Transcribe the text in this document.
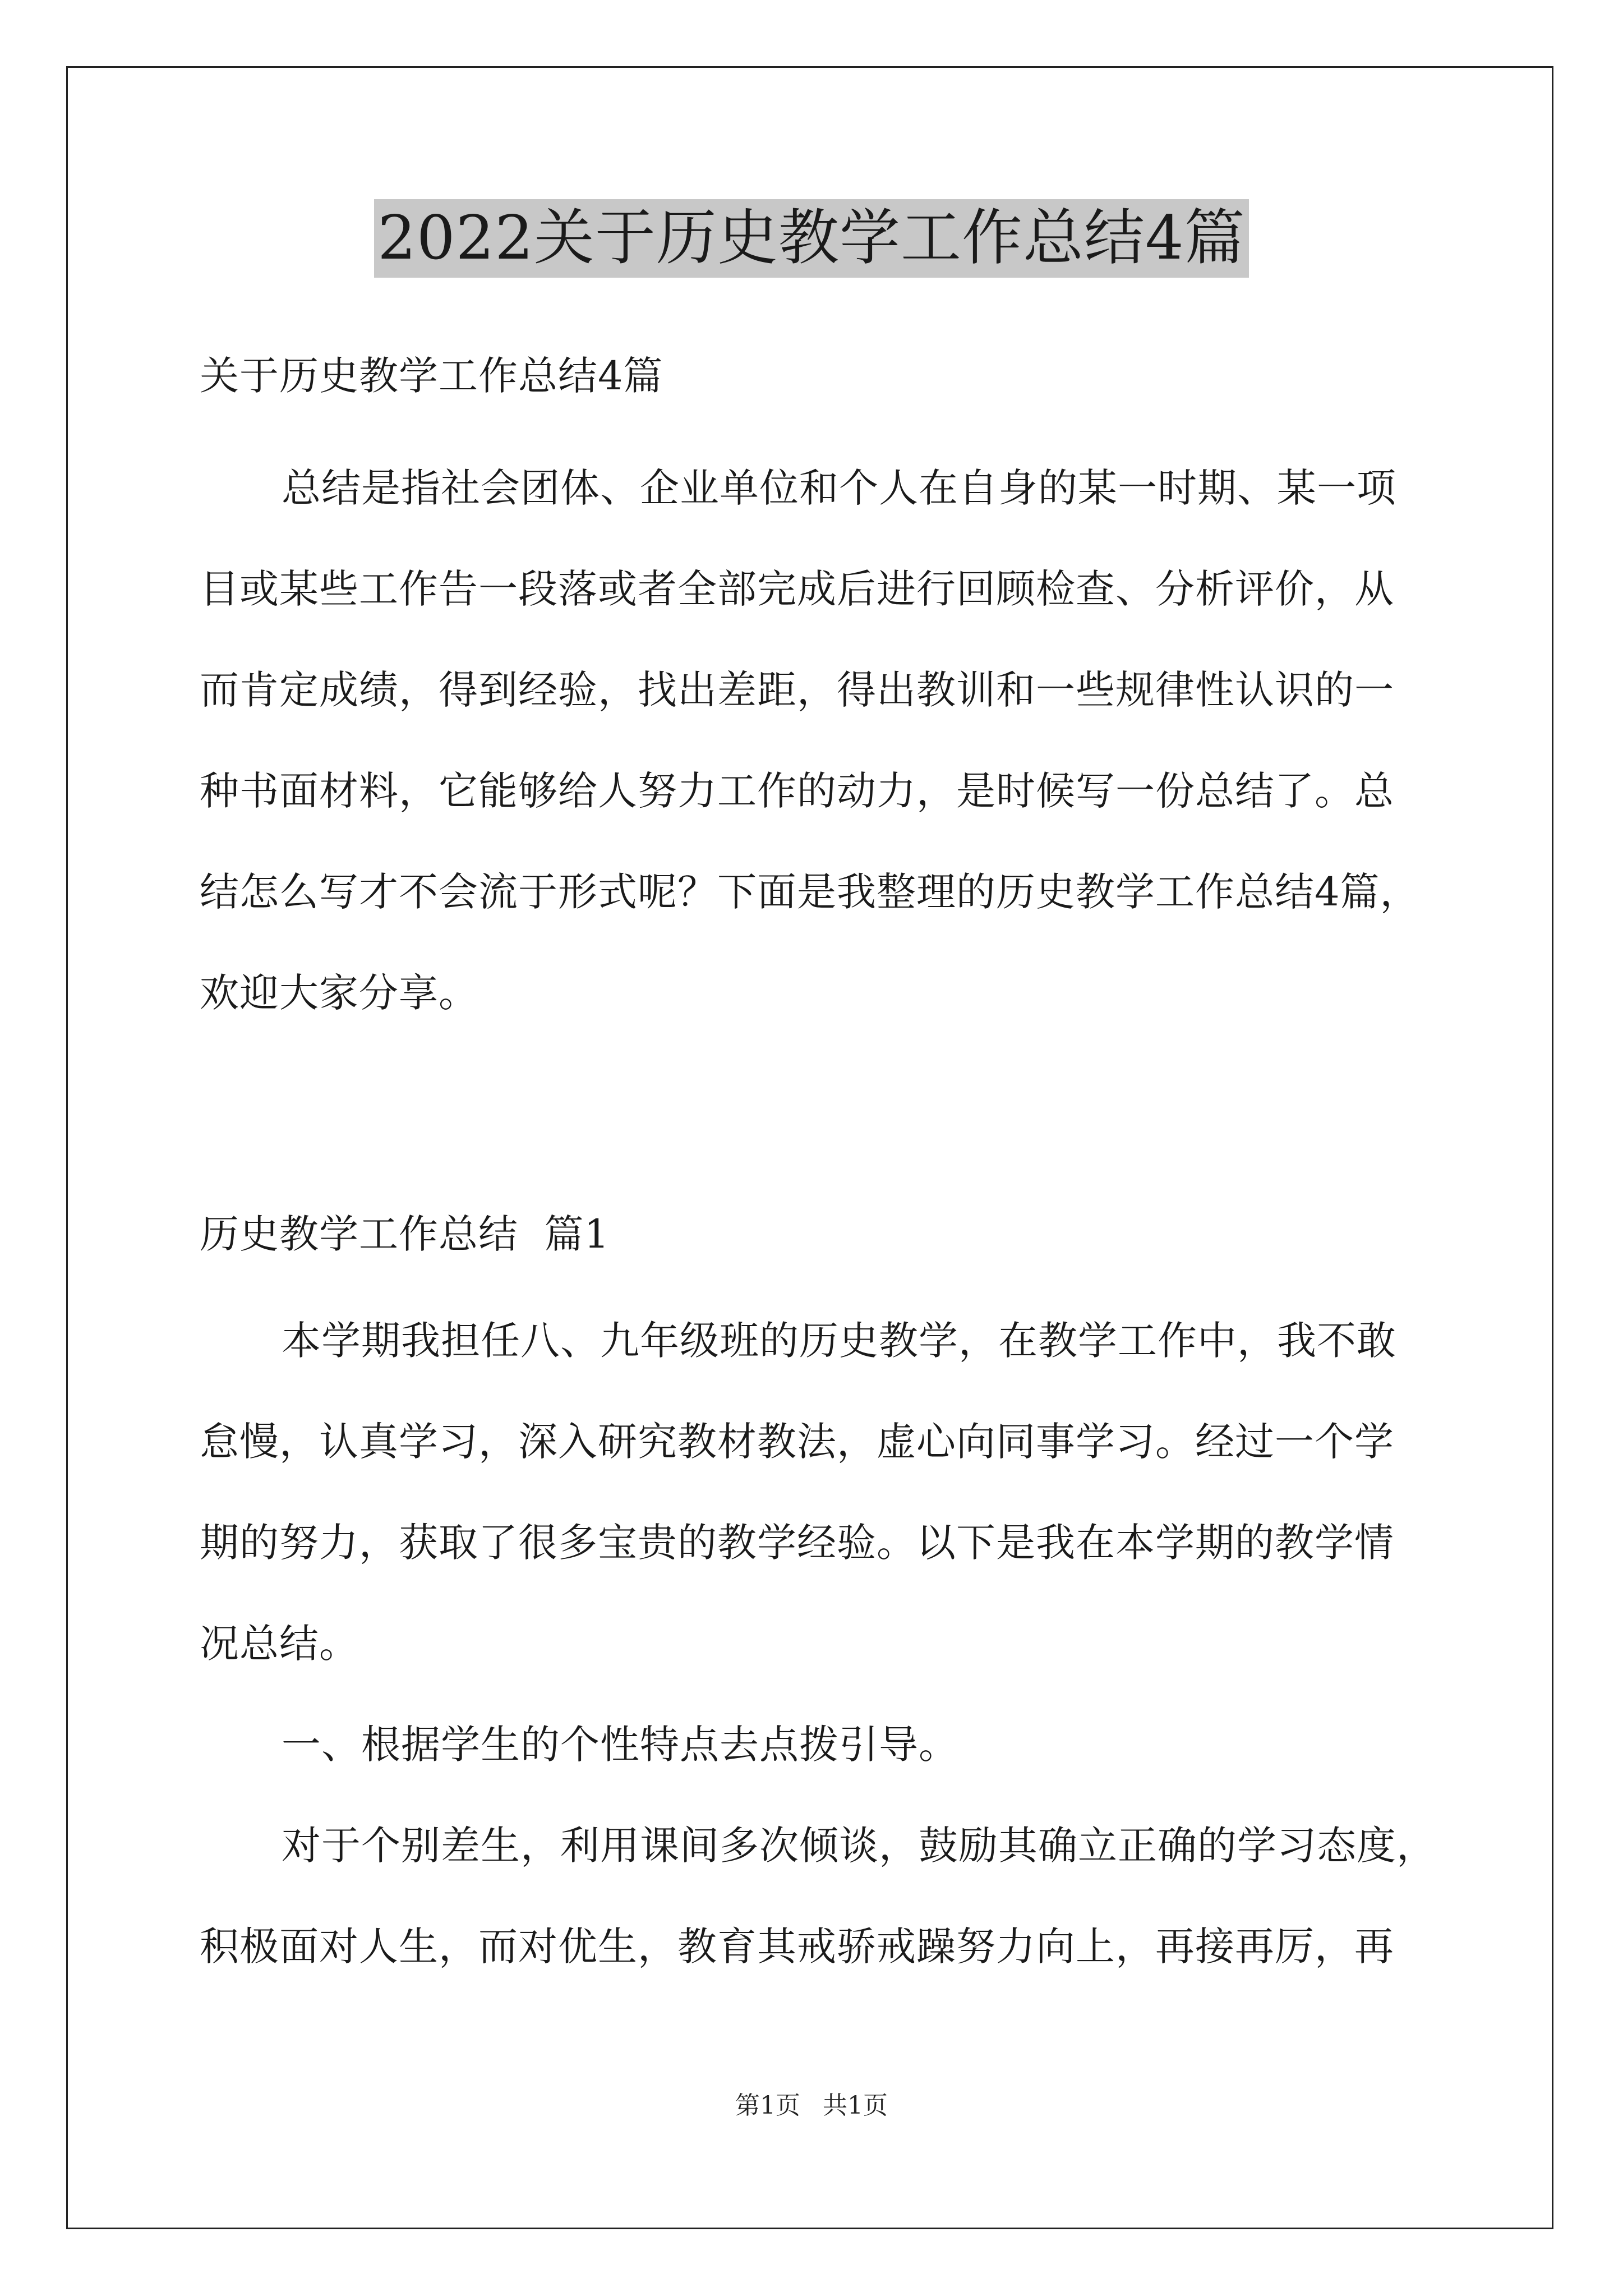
2022关于历史教学工作总结4篇

关于历史教学工作总结4篇

总结是指社会团体、企业单位和个人在自身的某一时期、某一项
目或某些工作告一段落或者全部完成后进行回顾检查、分析评价，从
而肯定成绩，得到经验，找出差距，得出教训和一些规律性认识的一
种书面材料，它能够给人努力工作的动力，是时候写一份总结了。总
结怎么写才不会流于形式呢？下面是我整理的历史教学工作总结4篇，
欢迎大家分享。

历史教学工作总结  篇1

本学期我担任八、九年级班的历史教学，在教学工作中，我不敢
怠慢，认真学习，深入研究教材教法，虚心向同事学习。经过一个学
期的努力，获取了很多宝贵的教学经验。以下是我在本学期的教学情
况总结。

一、根据学生的个性特点去点拨引导。

对于个别差生，利用课间多次倾谈，鼓励其确立正确的学习态度，
积极面对人生，而对优生，教育其戒骄戒躁努力向上，再接再厉，再

第1页 共1页
